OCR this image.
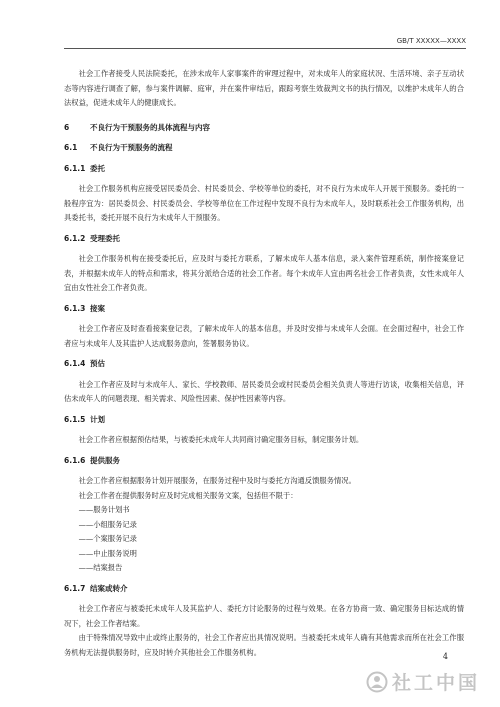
GB/T XXXXX—XXXX

社会工作者接受人民法院委托，在涉未成年人家事案件的审理过程中，对未成年人的家庭状况、生活环境、亲子互动状态等内容进行调查了解，参与案件调解、庭审，并在案件审结后，跟踪考察生效裁判文书的执行情况，以维护未成年人的合法权益，促进未成年人的健康成长。

6	不良行为干预服务的具体流程与内容
6.1 不良行为干预服务的流程
6.1.1 委托

社会工作服务机构应接受居民委员会、村民委员会、学校等单位的委托，对不良行为未成年人开展干预服务。委托的一般程序宜为：居民委员会、村民委员会、学校等单位在工作过程中发现不良行为未成年人，及时联系社会工作服务机构，出具委托书，委托开展不良行为未成年人干预服务。

6.1.2 受理委托

社会工作服务机构在接受委托后，应及时与委托方联系，了解未成年人基本信息，录入案件管理系统，制作接案登记表，并根据未成年人的特点和需求，将其分派给合适的社会工作者。每个未成年人宜由两名社会工作者负责，女性未成年人宜由女性社会工作者负责。

6.1.3 接案

社会工作者应及时查看接案登记表，了解未成年人的基本信息，并及时安排与未成年人会面。在会面过程中，社会工作者应与未成年人及其监护人达成服务意向，签署服务协议。

6.1.4 预估

社会工作者应及时与未成年人、家长、学校教师、居民委员会或村民委员会相关负责人等进行访谈，收集相关信息，评估未成年人的问题表现、相关需求、风险性因素、保护性因素等内容。

6.1.5 计划

社会工作者应根据预估结果，与被委托未成年人共同商讨确定服务目标，制定服务计划。

6.1.6 提供服务

社会工作者应根据服务计划开展服务，在服务过程中及时与委托方沟通反馈服务情况。

社会工作者在提供服务时应及时完成相关服务文案，包括但不限于：

——服务计划书
——小组服务记录
——个案服务记录
——中止服务说明
——结案报告
6.1.7 结案或转介

社会工作者应与被委托未成年人及其监护人、委托方讨论服务的过程与效果。在各方协商一致、确定服务目标达成的情况下，社会工作者结案。

由于特殊情况导致中止或终止服务的，社会工作者应出具情况说明。当被委托未成年人确有其他需求而所在社会工作服务机构无法提供服务时，应及时转介其他社会工作服务机构。	4
社工中国
